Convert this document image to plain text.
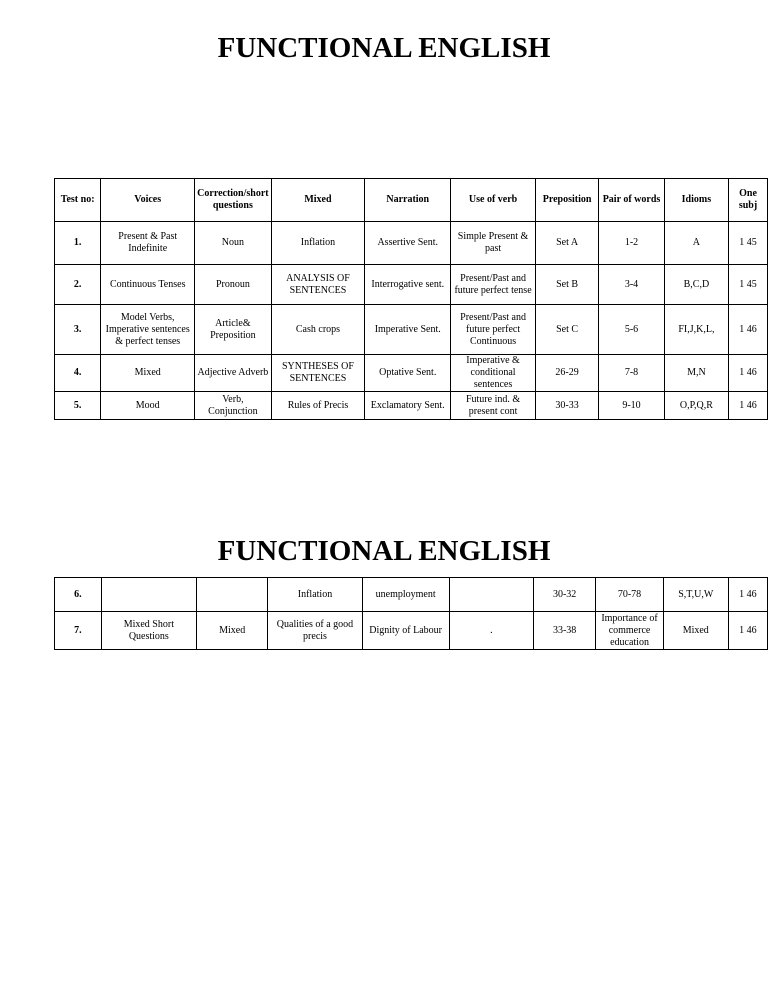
FUNCTIONAL ENGLISH
Test no:	Voices	Correction/short questions	Mixed	Narration	Use of verb	Preposition	Pair of words	Idioms	One subj
1.	Present & Past Indefinite	Noun	Inflation	Assertive Sent.	Simple Present & past	Set A	1-2	A	1 45
2.	Continuous Tenses	Pronoun	ANALYSIS OF SENTENCES	Interrogative sent.	Present/Past and future perfect tense	Set B	3-4	B,C,D	1 45
3.	Model Verbs, Imperative sentences & perfect tenses	Article& Preposition	Cash crops	Imperative Sent.	Present/Past and future perfect Continuous	Set C	5-6	FI,J,K,L,	1 46
4.	Mixed	Adjective Adverb	SYNTHESES OF SENTENCES	Optative Sent.	Imperative & conditional sentences	26-29	7-8	M,N	1 46
5.	Mood	Verb, Conjunction	Rules of Precis	Exclamatory Sent.	Future ind. & present cont	30-33	9-10	O,P,Q,R	1 46
FUNCTIONAL ENGLISH
6.			Inflation	unemployment		30-32	70-78	S,T,U,W	1 46
7.	Mixed Short Questions	Mixed	Qualities of a good precis	Dignity of Labour	.	33-38	Importance of commerce education	Mixed	1 46
